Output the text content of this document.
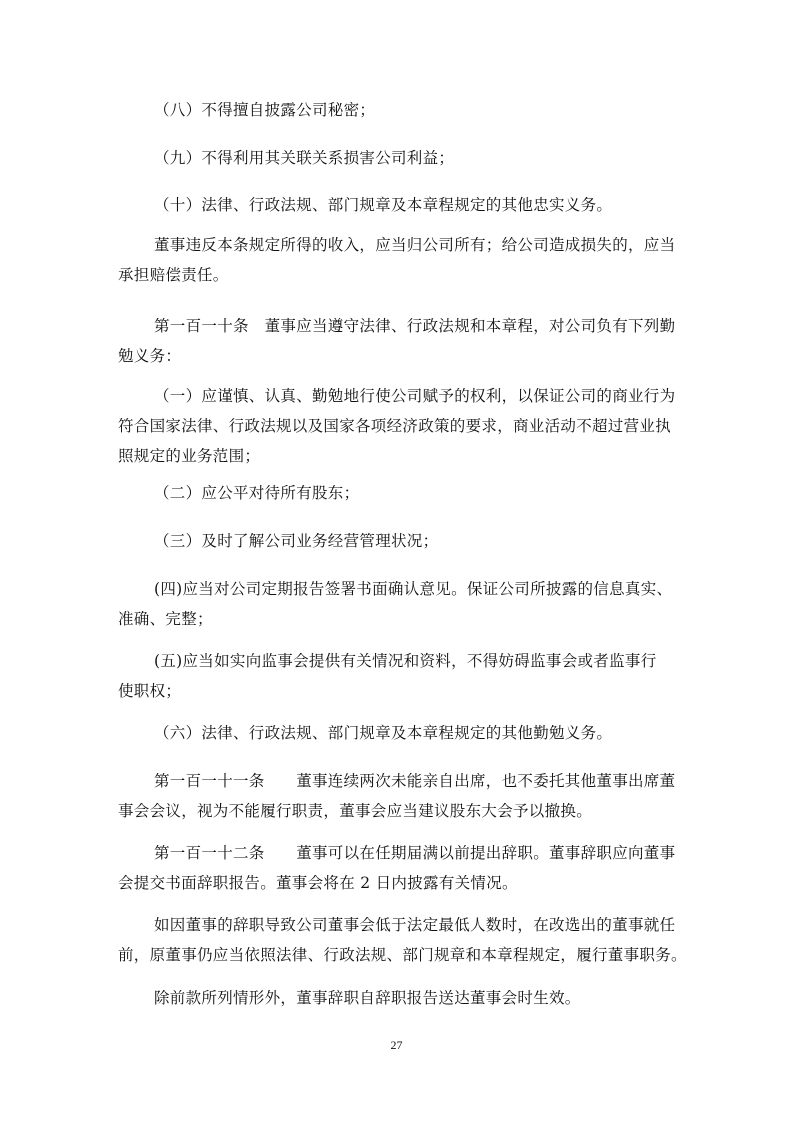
（八）不得擅自披露公司秘密；

（九）不得利用其关联关系损害公司利益；

（十）法律、行政法规、部门规章及本章程规定的其他忠实义务。

董事违反本条规定所得的收入，应当归公司所有；给公司造成损失的，应当
承担赔偿责任。

第一百一十条　董事应当遵守法律、行政法规和本章程，对公司负有下列勤
勉义务：

（一）应谨慎、认真、勤勉地行使公司赋予的权利，以保证公司的商业行为
符合国家法律、行政法规以及国家各项经济政策的要求，商业活动不超过营业执
照规定的业务范围；

（二）应公平对待所有股东；

（三）及时了解公司业务经营管理状况；

(四)应当对公司定期报告签署书面确认意见。保证公司所披露的信息真实、
准确、完整；

(五)应当如实向监事会提供有关情况和资料，不得妨碍监事会或者监事行
使职权；

（六）法律、行政法规、部门规章及本章程规定的其他勤勉义务。

第一百一十一条　　董事连续两次未能亲自出席，也不委托其他董事出席董
事会会议，视为不能履行职责，董事会应当建议股东大会予以撤换。

第一百一十二条　　董事可以在任期届满以前提出辞职。董事辞职应向董事
会提交书面辞职报告。董事会将在 2 日内披露有关情况。

如因董事的辞职导致公司董事会低于法定最低人数时，在改选出的董事就任
前，原董事仍应当依照法律、行政法规、部门规章和本章程规定，履行董事职务。

除前款所列情形外，董事辞职自辞职报告送达董事会时生效。

27
